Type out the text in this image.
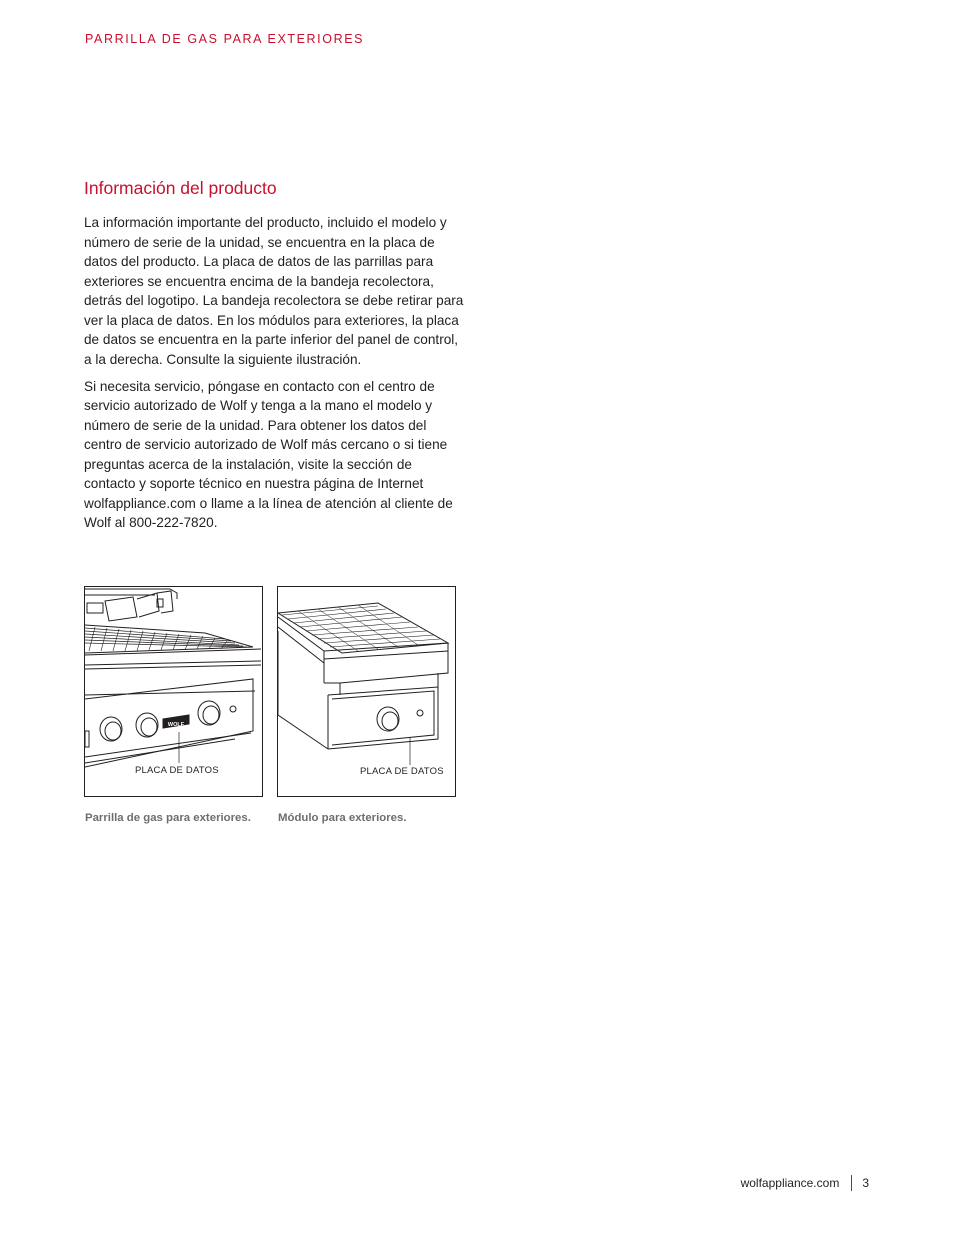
PARRILLA DE GAS PARA EXTERIORES
Información del producto

La información importante del producto, incluido el modelo y número de serie de la unidad, se encuentra en la placa de datos del producto. La placa de datos de las parrillas para exteriores se encuentra encima de la bandeja recolectora, detrás del logotipo. La bandeja recolectora se debe retirar para ver la placa de datos. En los módulos para exteriores, la placa de datos se encuentra en la parte inferior del panel de control, a la derecha. Consulte la siguiente ilustración.

Si necesita servicio, póngase en contacto con el centro de servicio autorizado de Wolf y tenga a la mano el modelo y número de serie de la unidad. Para obtener los datos del centro de servicio autorizado de Wolf más cercano o si tiene preguntas acerca de la instalación, visite la sección de contacto y soporte técnico en nuestra página de Internet wolfappliance.com o llame a la línea de atención al cliente de Wolf al 800-222-7820.

WOLF
PLACA DE DATOS	PLACA DE DATOS
Parrilla de gas para exteriores. Módulo para exteriores.
wolfappliance.com 3
